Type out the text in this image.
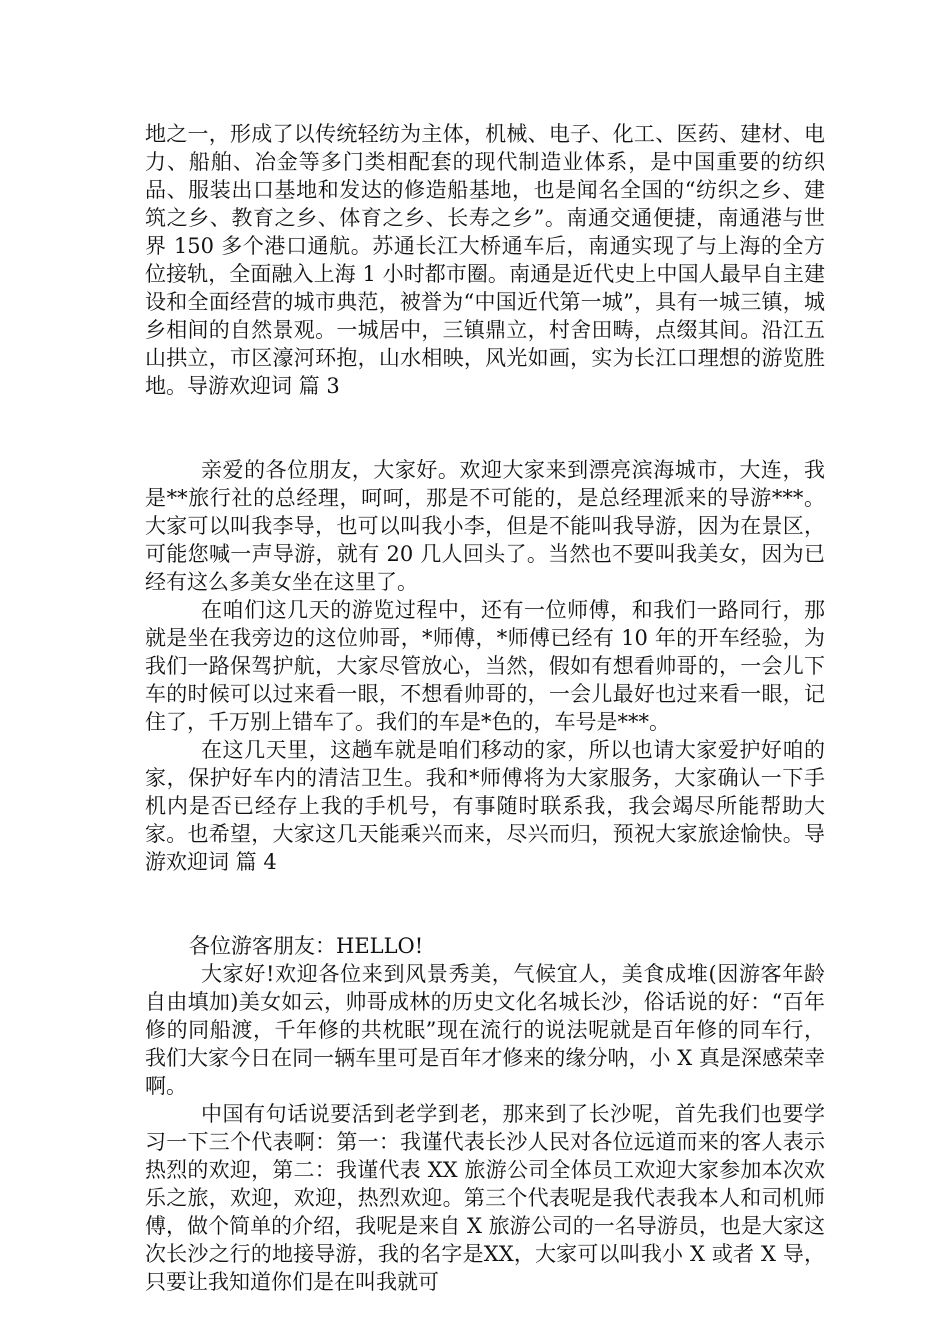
地之一，形成了以传统轻纺为主体，机械、电子、化工、医药、建材、电力、船舶、冶金等多门类相配套的现代制造业体系，是中国重要的纺织品、服装出口基地和发达的修造船基地，也是闻名全国的“纺织之乡、建筑之乡、教育之乡、体育之乡、长寿之乡”。南通交通便捷，南通港与世界 150 多个港口通航。苏通长江大桥通车后，南通实现了与上海的全方位接轨，全面融入上海 1 小时都市圈。南通是近代史上中国人最早自主建设和全面经营的城市典范，被誉为“中国近代第一城”，具有一城三镇，城乡相间的自然景观。一城居中，三镇鼎立，村舍田畴，点缀其间。沿江五山拱立，市区濠河环抱，山水相映，风光如画，实为长江口理想的游览胜地。导游欢迎词 篇 3

亲爱的各位朋友，大家好。欢迎大家来到漂亮滨海城市，大连，我是**旅行社的总经理，呵呵，那是不可能的，是总经理派来的导游***。大家可以叫我李导，也可以叫我小李，但是不能叫我导游，因为在景区，可能您喊一声导游，就有 20 几人回头了。当然也不要叫我美女，因为已经有这么多美女坐在这里了。

在咱们这几天的游览过程中，还有一位师傅，和我们一路同行，那就是坐在我旁边的这位帅哥，*师傅，*师傅已经有 10 年的开车经验，为我们一路保驾护航，大家尽管放心，当然，假如有想看帅哥的，一会儿下车的时候可以过来看一眼，不想看帅哥的，一会儿最好也过来看一眼，记住了，千万别上错车了。我们的车是*色的，车号是***。

在这几天里，这趟车就是咱们移动的家，所以也请大家爱护好咱的家，保护好车内的清洁卫生。我和*师傅将为大家服务，大家确认一下手机内是否已经存上我的手机号，有事随时联系我，我会竭尽所能帮助大家。也希望，大家这几天能乘兴而来，尽兴而归，预祝大家旅途愉快。导游欢迎词 篇 4

各位游客朋友：HELLO!

大家好!欢迎各位来到风景秀美，气候宜人，美食成堆(因游客年龄自由填加)美女如云，帅哥成林的历史文化名城长沙，俗话说的好：“百年修的同船渡，千年修的共枕眠”现在流行的说法呢就是百年修的同车行，我们大家今日在同一辆车里可是百年才修来的缘分呐，小 X 真是深感荣幸啊。

中国有句话说要活到老学到老，那来到了长沙呢，首先我们也要学习一下三个代表啊：第一：我谨代表长沙人民对各位远道而来的客人表示热烈的欢迎，第二：我谨代表 XX 旅游公司全体员工欢迎大家参加本次欢乐之旅，欢迎，欢迎，热烈欢迎。第三个代表呢是我代表我本人和司机师傅，做个简单的介绍，我呢是来自 X 旅游公司的一名导游员，也是大家这次长沙之行的地接导游，我的名字是XX，大家可以叫我小 X 或者 X 导，只要让我知道你们是在叫我就可
